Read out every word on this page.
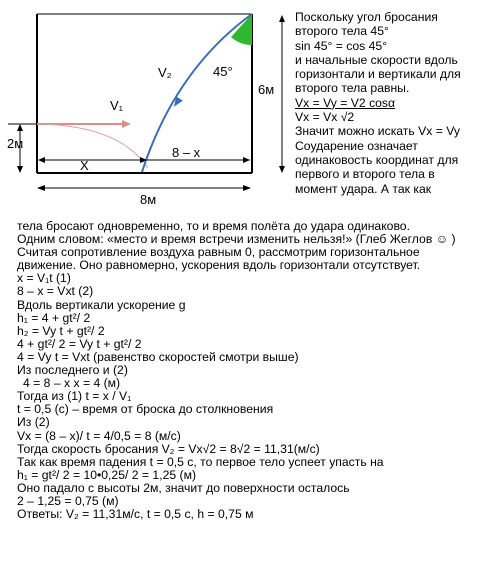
2м
6м
V₁
V₂	45°
X
8 – x
8м
Поскольку угол бросания
второго тела 45°
sin 45° = cos 45°
и начальные скорости вдоль
горизонтали и вертикали для
второго тела равны.
Vx = Vy = V2 cosα
Vx = Vx √2
Значит можно искать Vx = Vy
Соударение означает
одинаковость координат для
первого и второго тела в
момент удара. А так как
тела бросают одновременно, то и время полёта до удара одинаково.
Одним словом: «место и время встречи изменить нельзя!» (Глеб Жеглов ☺ )
Считая сопротивление воздуха равным 0, рассмотрим горизонтальное
движение. Оно равномерно, ускорения вдоль горизонтали отсутствует.
x = V₁t (1)
8 – x = Vxt (2)
Вдоль вертикали ускорение g
h₁ = 4 + gt²/ 2
h₂ = Vy t + gt²/ 2
4 + gt²/ 2 = Vy t + gt²/ 2
4 = Vy t = Vxt (равенство скоростей смотри выше)
Из последнего и (2)
4 = 8 – x x = 4 (м)
Тогда из (1) t = x / V₁
t = 0,5 (с) – время от броска до столкновения
Из (2)
Vx = (8 – x)/ t = 4/0,5 = 8 (м/с)
Тогда скорость бросания V₂ = Vx√2 = 8√2 = 11,31(м/с)
Так как время падения t = 0,5 с, то первое тело успеет упасть на
h₁ = gt²/ 2 = 10•0,25/ 2 = 1,25 (м)
Оно падало с высоты 2м, значит до поверхности осталось
2 – 1,25 = 0,75 (м)
Ответы: V₂ = 11,31м/с, t = 0,5 с, h = 0,75 м
